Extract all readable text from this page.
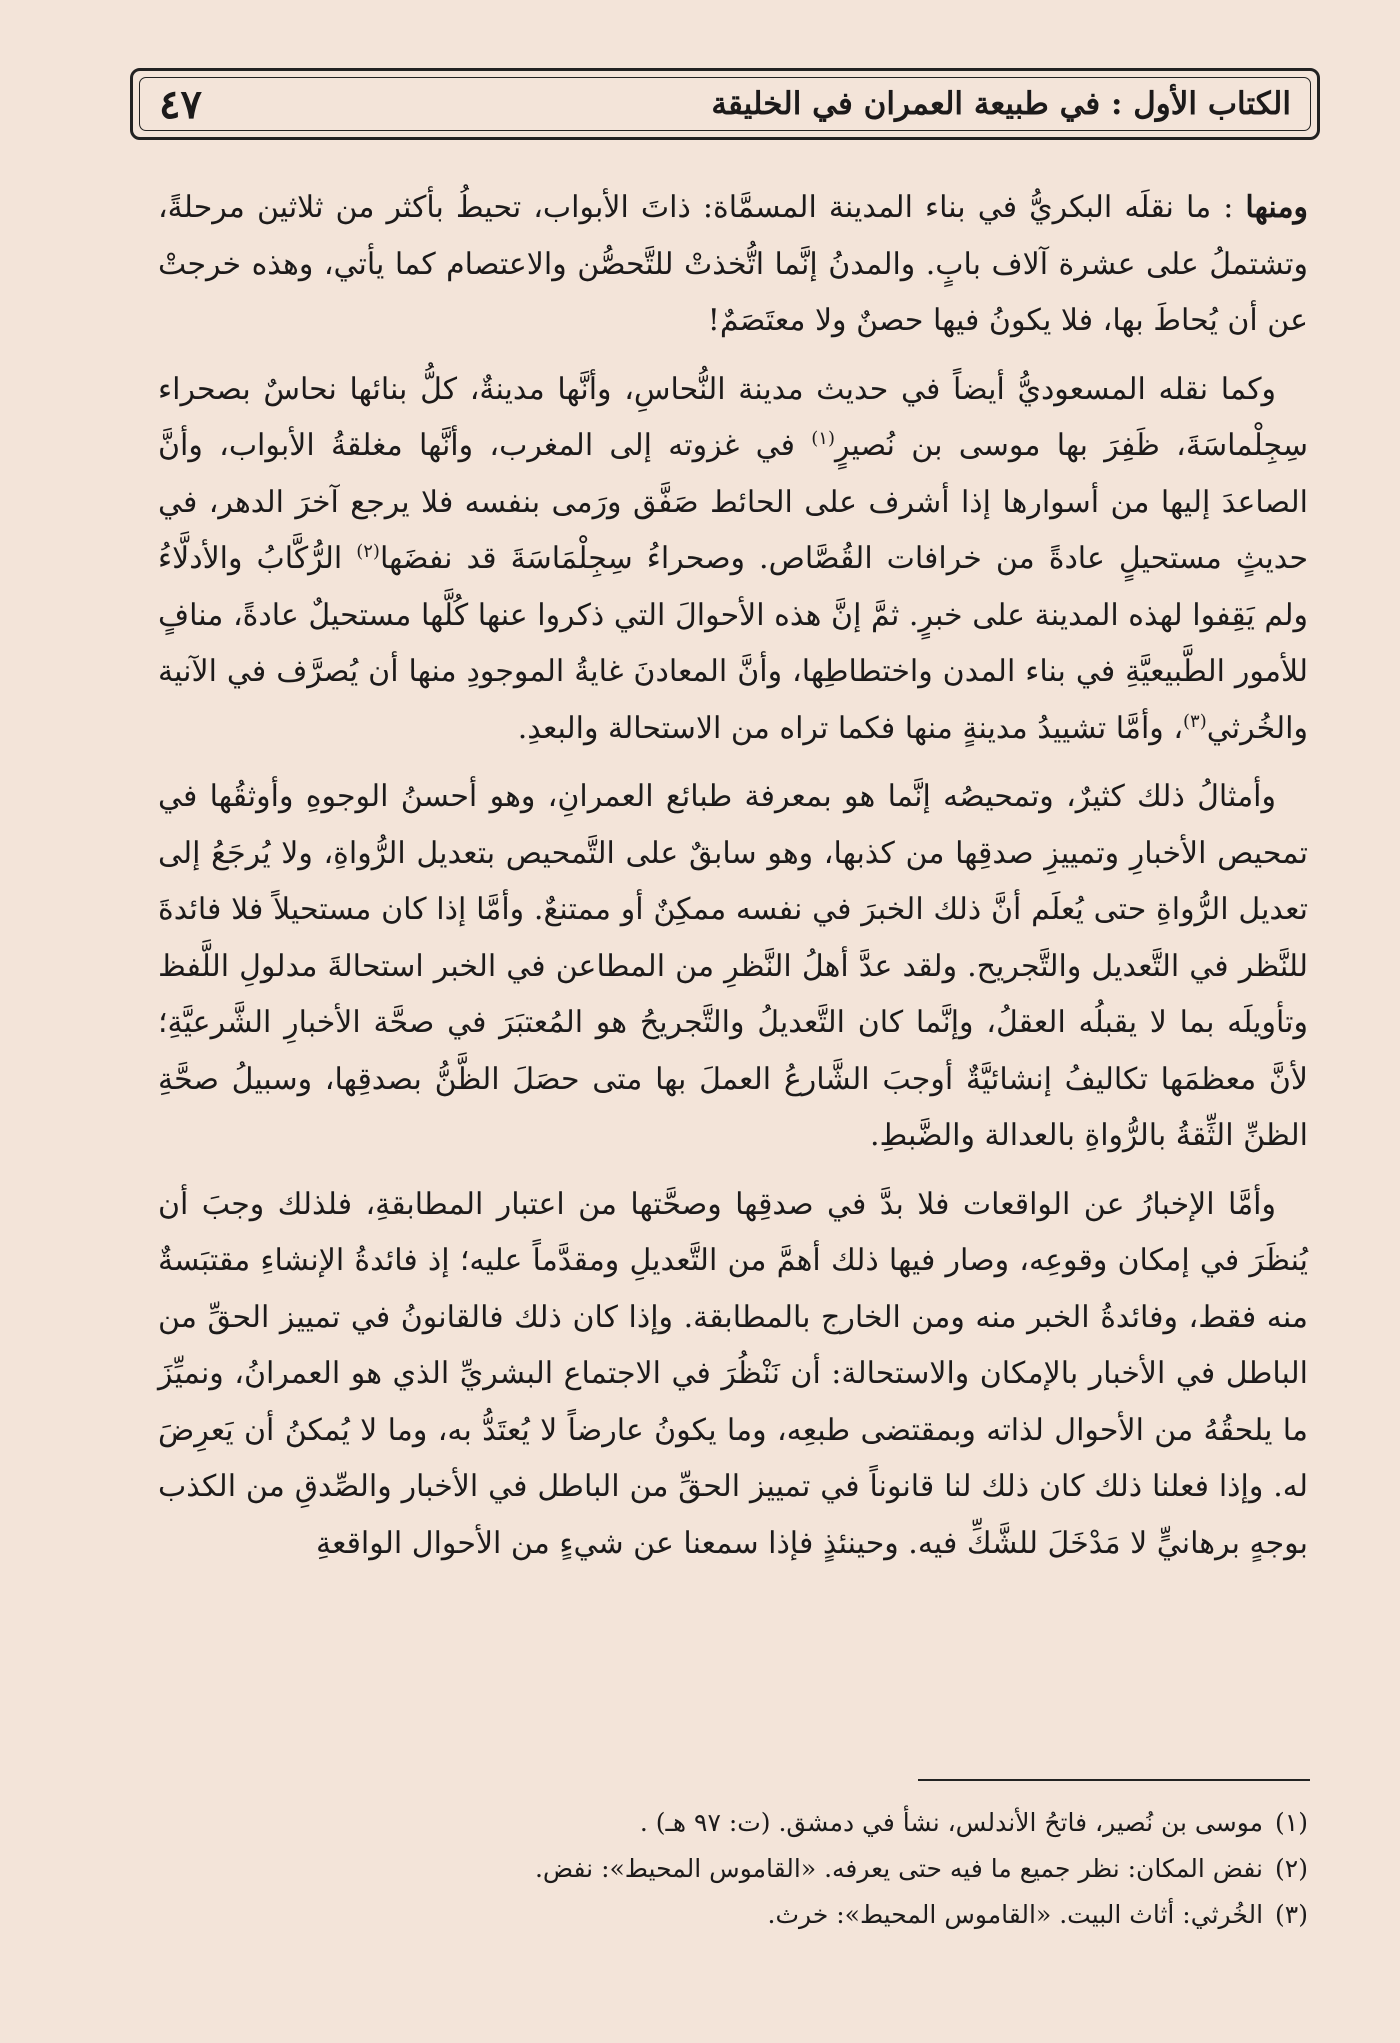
الكتاب الأول : في طبيعة العمران في الخليقة
٤٧

ومنها : ما نقلَه البكريُّ في بناء المدينة المسمَّاة: ذاتَ الأبواب، تحيطُ بأكثر من ثلاثين مرحلةً، وتشتملُ على عشرة آلاف بابٍ. والمدنُ إنَّما اتُّخذتْ للتَّحصُّن والاعتصام كما يأتي، وهذه خرجتْ عن أن يُحاطَ بها، فلا يكونُ فيها حصنٌ ولا معتَصَمٌ!

وكما نقله المسعوديُّ أيضاً في حديث مدينة النُّحاسِ، وأنَّها مدينةٌ، كلُّ بنائها نحاسٌ بصحراء سِجِلْماسَةَ، ظَفِرَ بها موسى بن نُصيرٍ$^{(١)}$ في غزوته إلى المغرب، وأنَّها مغلقةُ الأبواب، وأنَّ الصاعدَ إليها من أسوارها إذا أشرف على الحائط صَفَّق ورَمى بنفسه فلا يرجع آخرَ الدهر، في حديثٍ مستحيلٍ عادةً من خرافات القُصَّاص. وصحراءُ سِجِلْمَاسَةَ قد نفضَها$^{(٢)}$ الرُّكَّابُ والأدلَّاءُ ولم يَقِفوا لهذه المدينة على خبرٍ. ثمَّ إنَّ هذه الأحوالَ التي ذكروا عنها كُلَّها مستحيلٌ عادةً، منافٍ للأمور الطَّبيعيَّةِ في بناء المدن واختطاطِها، وأنَّ المعادنَ غايةُ الموجودِ منها أن يُصرَّف في الآنية والخُرثي$^{(٣)}$، وأمَّا تشييدُ مدينةٍ منها فكما تراه من الاستحالة والبعدِ.

وأمثالُ ذلك كثيرٌ، وتمحيصُه إنَّما هو بمعرفة طبائع العمرانِ، وهو أحسنُ الوجوهِ وأوثقُها في تمحيص الأخبارِ وتمييزِ صدقِها من كذبها، وهو سابقٌ على التَّمحيص بتعديل الرُّواةِ، ولا يُرجَعُ إلى تعديل الرُّواةِ حتى يُعلَم أنَّ ذلك الخبرَ في نفسه ممكِنٌ أو ممتنعٌ. وأمَّا إذا كان مستحيلاً فلا فائدةَ للنَّظر في التَّعديل والتَّجريح. ولقد عدَّ أهلُ النَّظرِ من المطاعن في الخبر استحالةَ مدلولِ اللَّفظ وتأويلَه بما لا يقبلُه العقلُ، وإنَّما كان التَّعديلُ والتَّجريحُ هو المُعتبَرَ في صحَّة الأخبارِ الشَّرعيَّةِ؛ لأنَّ معظمَها تكاليفُ إنشائيَّةٌ أوجبَ الشَّارعُ العملَ بها متى حصَلَ الظَّنُّ بصدقِها، وسبيلُ صحَّةِ الظنِّ الثِّقةُ بالرُّواةِ بالعدالة والضَّبطِ.

وأمَّا الإخبارُ عن الواقعات فلا بدَّ في صدقِها وصحَّتها من اعتبار المطابقةِ، فلذلك وجبَ أن يُنظَرَ في إمكان وقوعِه، وصار فيها ذلك أهمَّ من التَّعديلِ ومقدَّماً عليه؛ إذ فائدةُ الإنشاءِ مقتبَسةٌ منه فقط، وفائدةُ الخبر منه ومن الخارج بالمطابقة. وإذا كان ذلك فالقانونُ في تمييز الحقِّ من الباطل في الأخبار بالإمكان والاستحالة: أن نَنْظُرَ في الاجتماع البشريِّ الذي هو العمرانُ، ونميِّزَ ما يلحقُهُ من الأحوال لذاته وبمقتضى طبعِه، وما يكونُ عارضاً لا يُعتَدُّ به، وما لا يُمكنُ أن يَعرِضَ له. وإذا فعلنا ذلك كان ذلك لنا قانوناً في تمييز الحقِّ من الباطل في الأخبار والصِّدقِ من الكذب بوجهٍ برهانيٍّ لا مَدْخَلَ للشَّكِّ فيه. وحينئذٍ فإذا سمعنا عن شيءٍ من الأحوال الواقعةِ

(١)موسى بن نُصير، فاتحُ الأندلس، نشأ في دمشق. (ت: ٩٧ هـ) .
(٢)نفض المكان: نظر جميع ما فيه حتى يعرفه. «القاموس المحيط»: نفض.
(٣)الخُرثي: أثاث البيت. «القاموس المحيط»: خرث.
